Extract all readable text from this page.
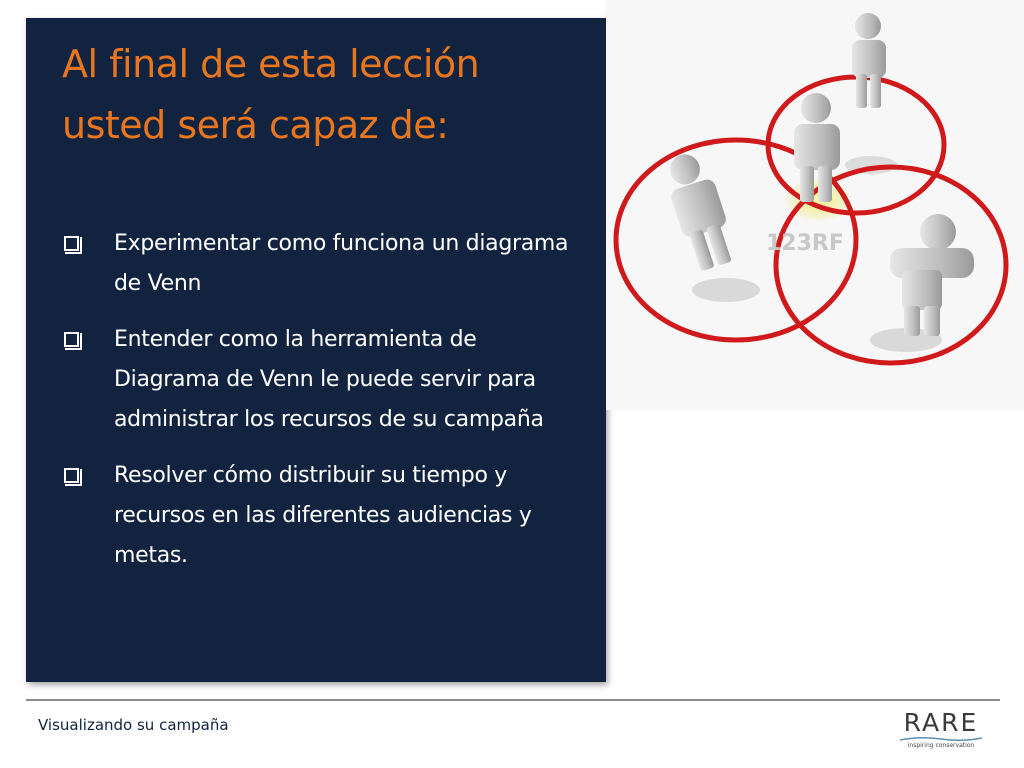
Al final de esta lección
usted será capaz de:
Experimentar como funciona un diagrama de Venn
Entender como la herramienta de Diagrama de Venn le puede servir para administrar los recursos de su campaña
Resolver cómo distribuir su tiempo y recursos en las diferentes audiencias y metas.
123RF
Visualizando su campaña	RARE
inspiring conservation
